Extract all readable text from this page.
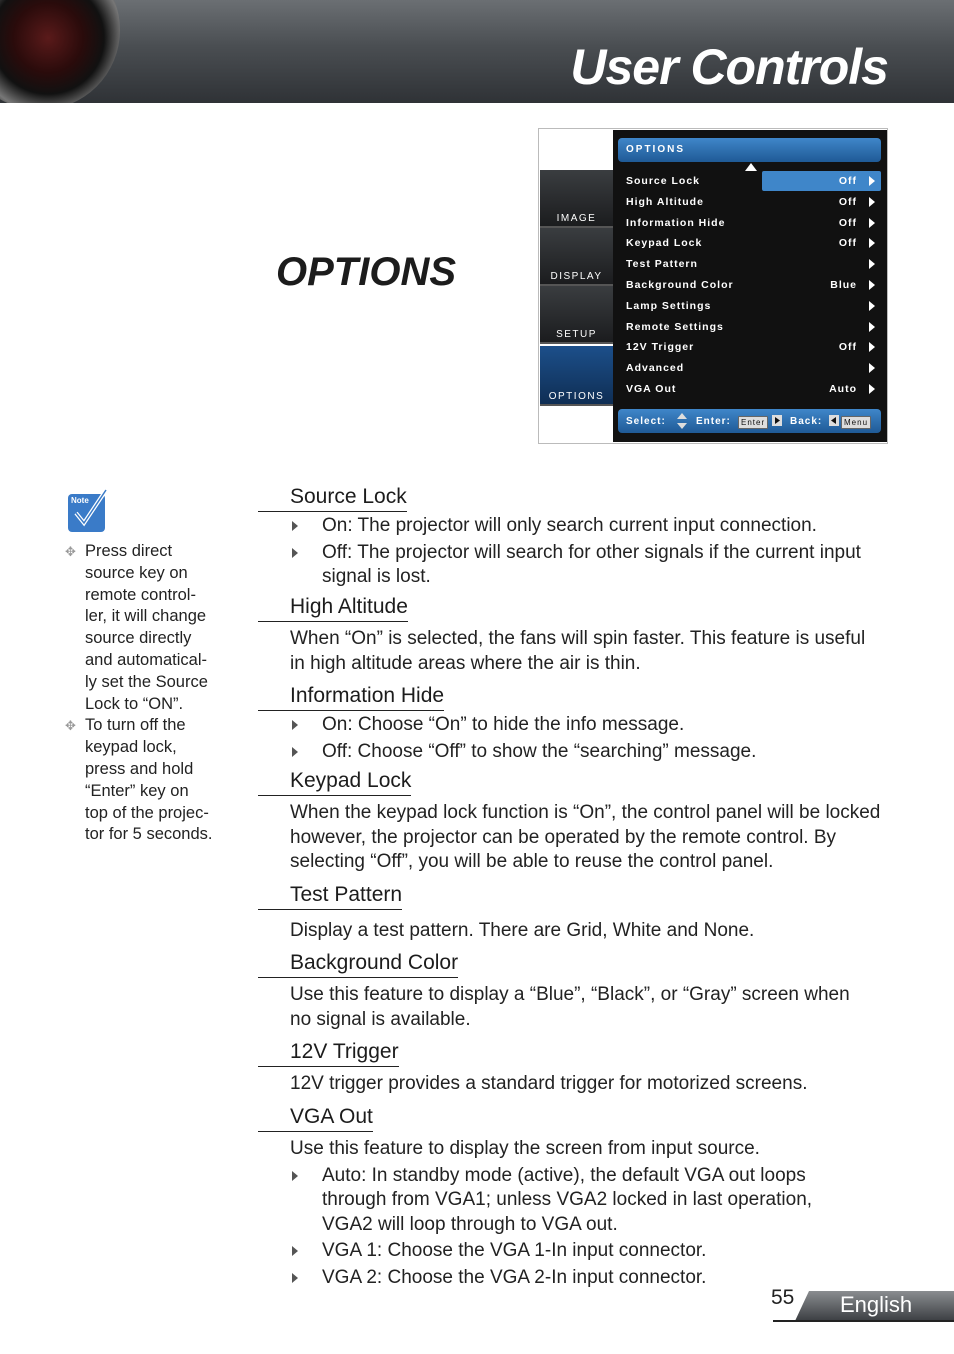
User Controls
OPTIONS
IMAGE
DISPLAY
SETUP
OPTIONS
OPTIONS
Source Lock	Off
High Altitude	Off
Information Hide	Off
Keypad Lock	Off
Test Pattern
Background Color	Blue
Lamp Settings
Remote Settings
12V Trigger	Off
Advanced
VGA Out	Auto
Select:	Enter:	Enter	Back:	Menu
Note
✥ Press direct
source key on
remote control-
ler, it will change
source directly
and automatical-
ly set the Source
Lock to “ON”.
✥ To turn off the
keypad lock,
press and hold
“Enter” key on
top of the projec-
tor for 5 seconds.
Source Lock
On: The projector will only search current input connection.
Off: The projector will search for other signals if the current input signal is lost.
High Altitude
When “On” is selected, the fans will spin faster. This feature is useful in high altitude areas where the air is thin.
Information Hide
On: Choose “On” to hide the info message.
Off: Choose “Off” to show the “searching” message.
Keypad Lock
When the keypad lock function is “On”, the control panel will be locked however, the projector can be operated by the remote control. By selecting “Off”, you will be able to reuse the control panel.
Test Pattern
Display a test pattern. There are Grid, White and None.
Background Color
Use this feature to display a “Blue”, “Black”, or “Gray” screen when no signal is available.
12V Trigger
12V trigger provides a standard trigger for motorized screens.
VGA Out
Use this feature to display the screen from input source.
Auto: In standby mode (active), the default VGA out loops through from VGA1; unless VGA2 locked in last operation, VGA2 will loop through to VGA out.
VGA 1: Choose the VGA 1-In input connector.
VGA 2: Choose the VGA 2-In input connector.
55 English
